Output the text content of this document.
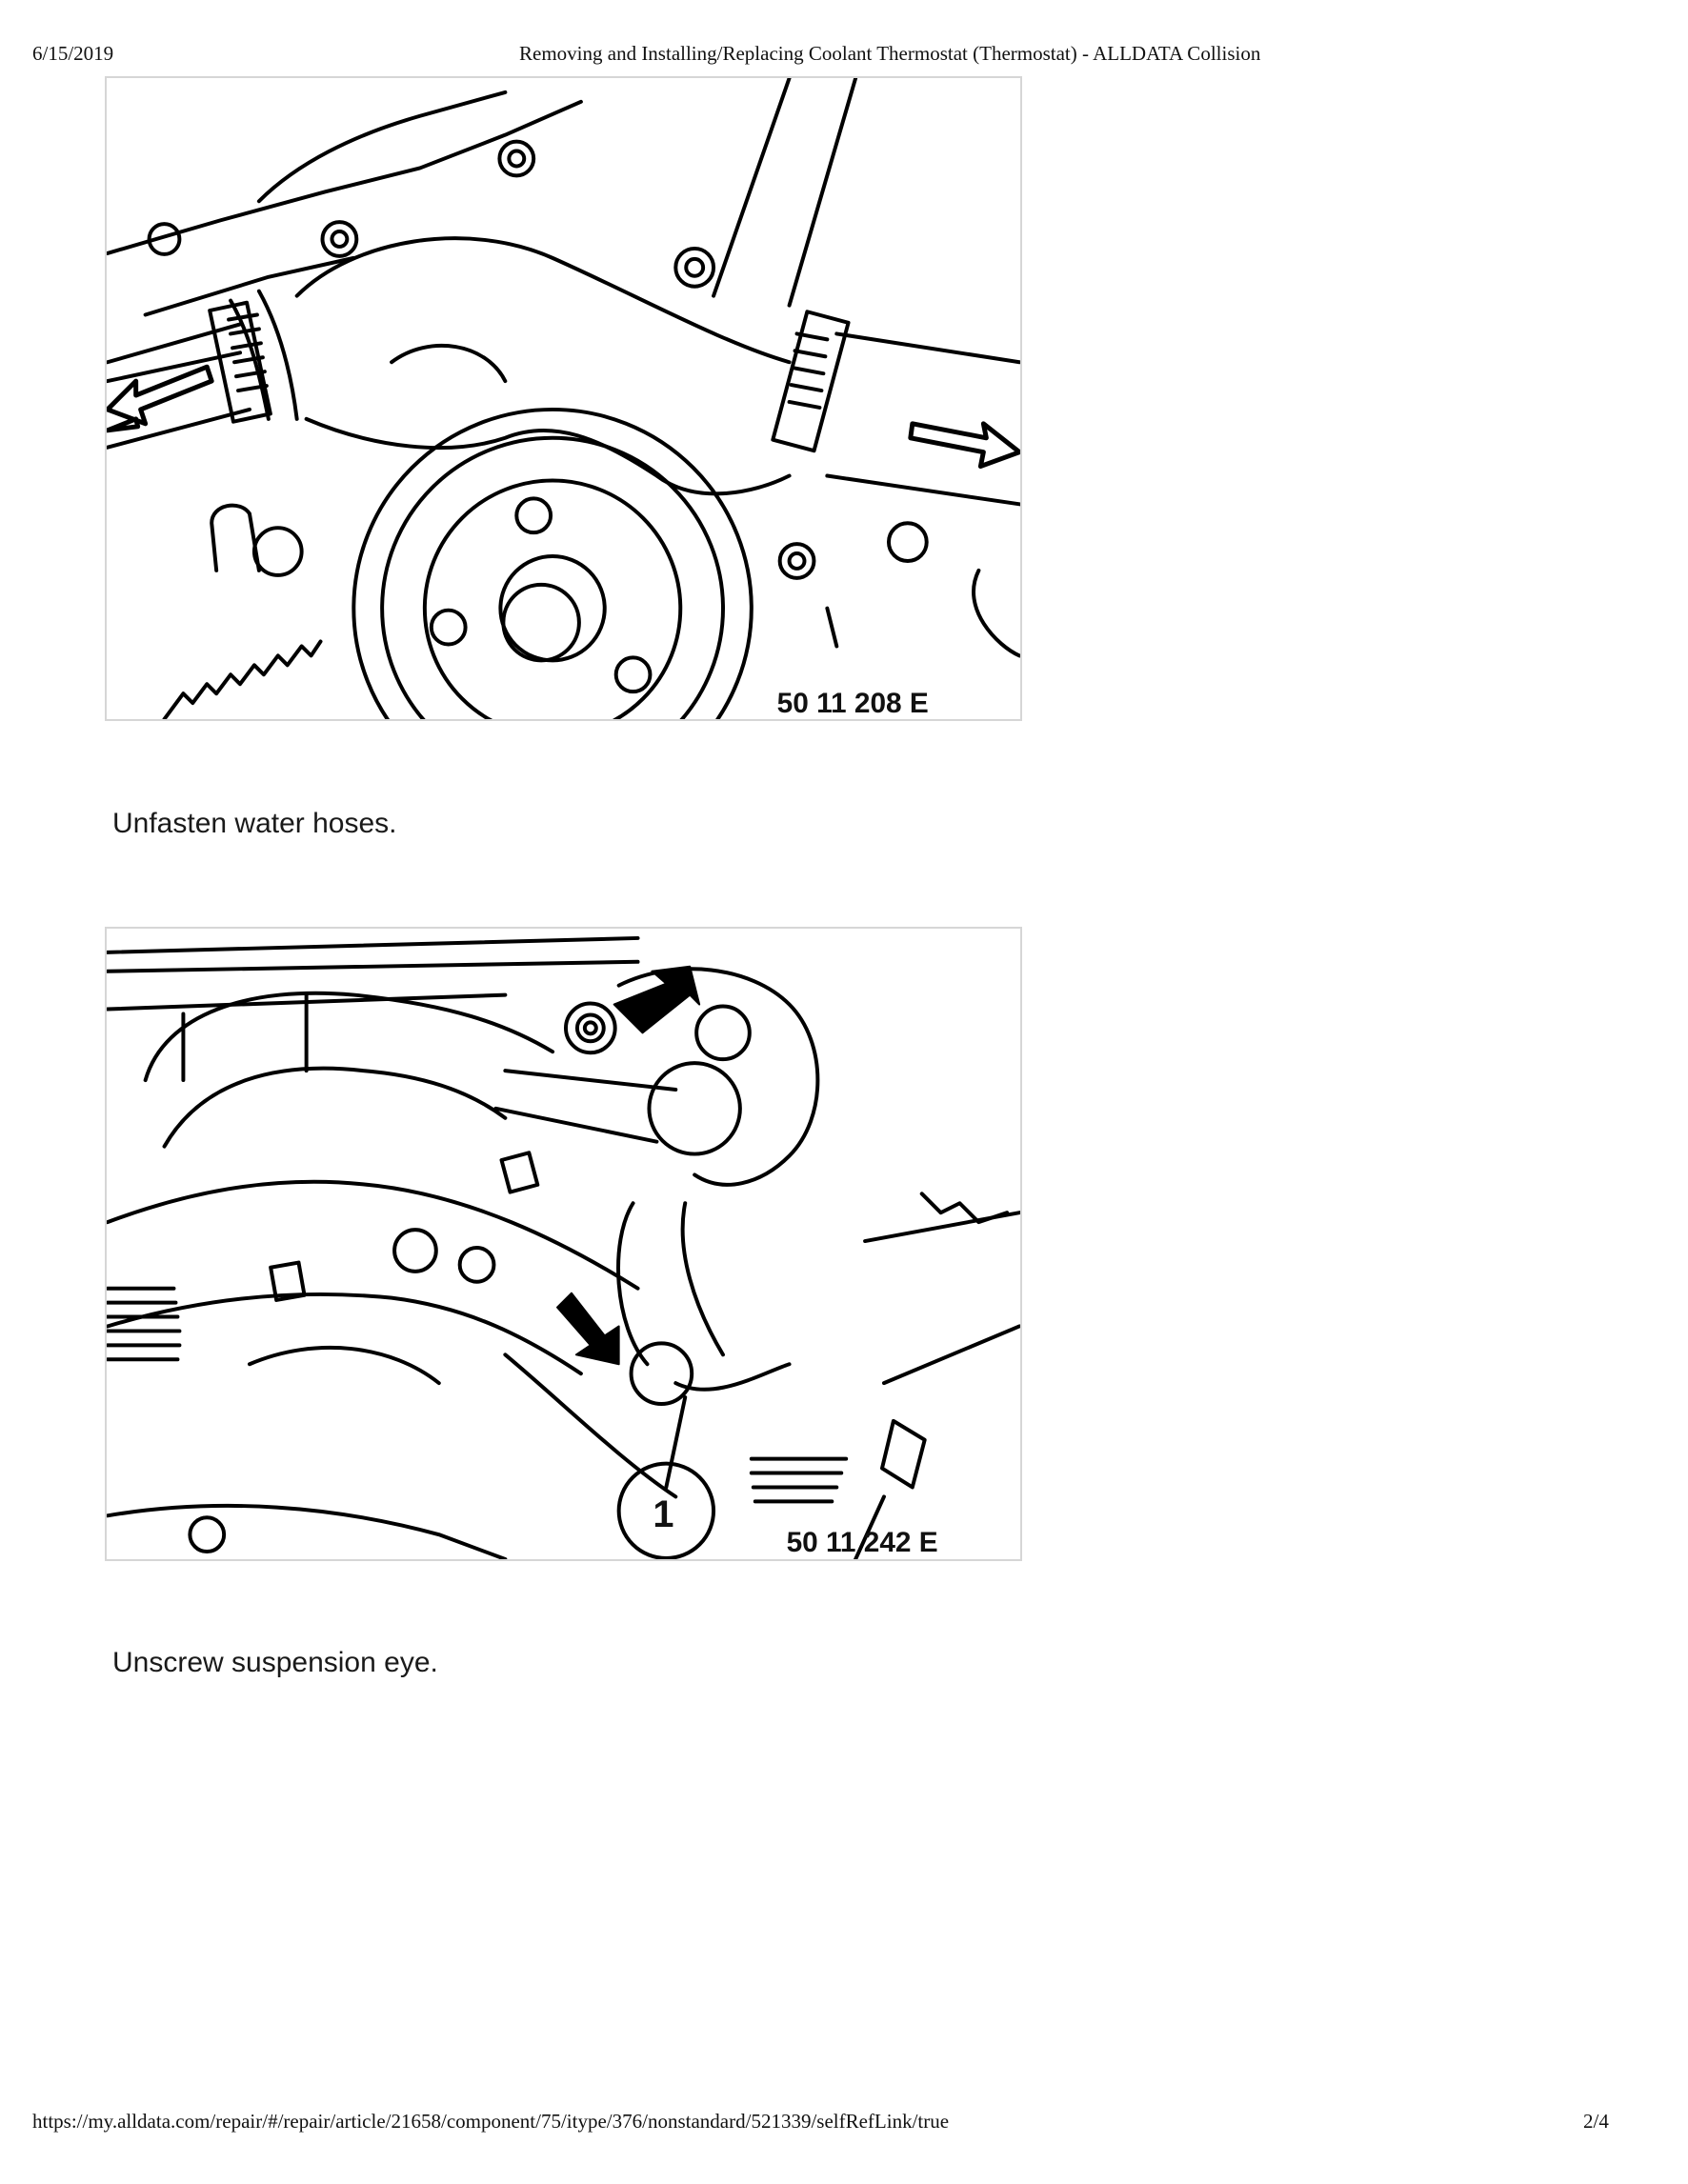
6/15/2019	Removing and Installing/Replacing Coolant Thermostat (Thermostat) - ALLDATA Collision
50 11 208 E
Unfasten water hoses.
1
50 11 242 E
Unscrew suspension eye.
https://my.alldata.com/repair/#/repair/article/21658/component/75/itype/376/nonstandard/521339/selfRefLink/true	2/4
